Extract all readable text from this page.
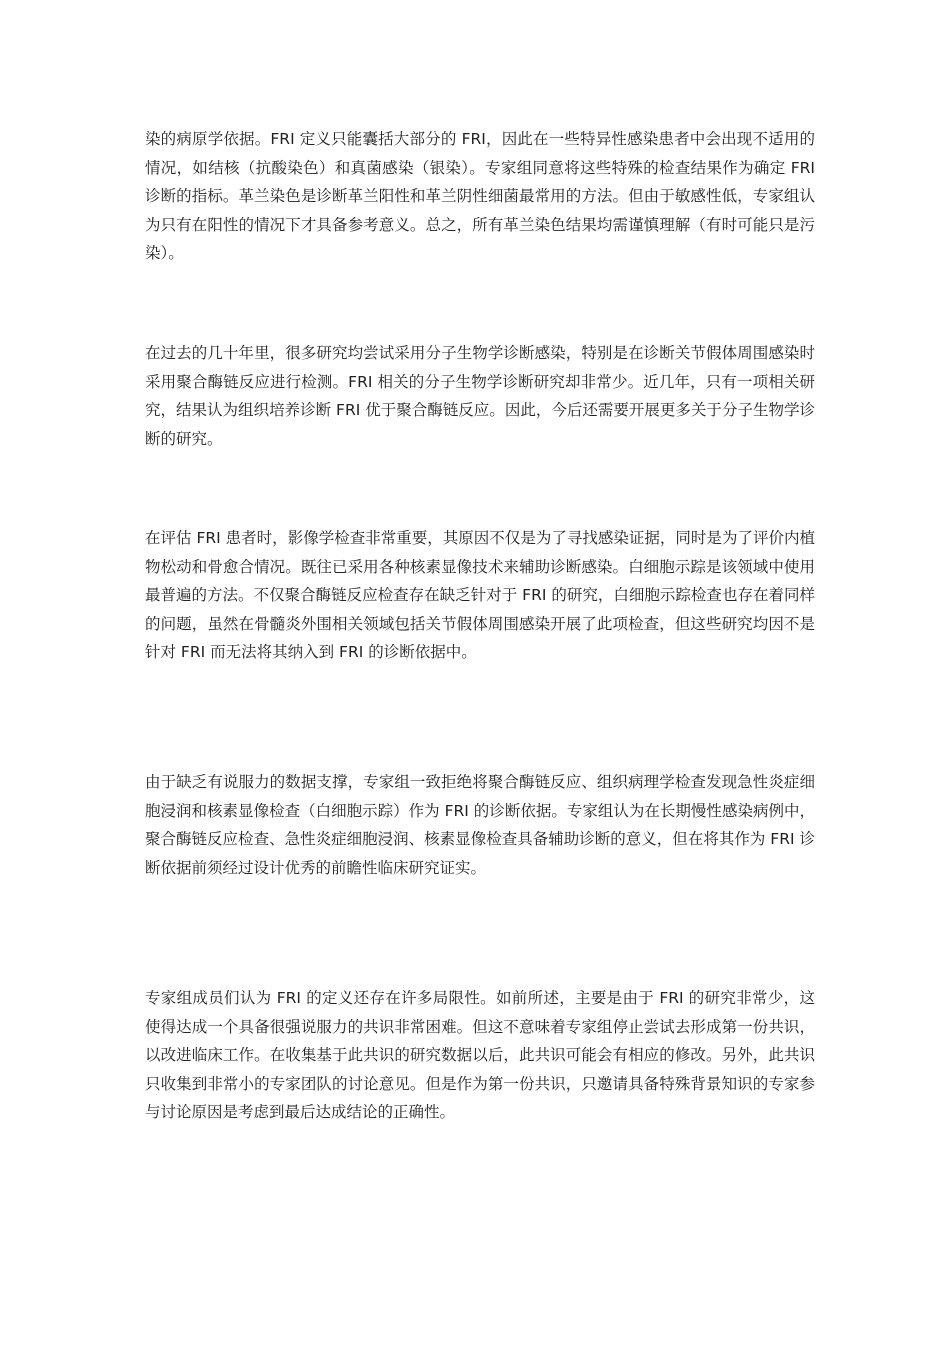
染的病原学依据。FRI 定义只能囊括大部分的 FRI，因此在一些特异性感染患者中会出现不适用的情况，如结核（抗酸染色）和真菌感染（银染）。专家组同意将这些特殊的检查结果作为确定 FRI 诊断的指标。革兰染色是诊断革兰阳性和革兰阴性细菌最常用的方法。但由于敏感性低，专家组认为只有在阳性的情况下才具备参考意义。总之，所有革兰染色结果均需谨慎理解（有时可能只是污染）。

在过去的几十年里，很多研究均尝试采用分子生物学诊断感染，特别是在诊断关节假体周围感染时采用聚合酶链反应进行检测。FRI 相关的分子生物学诊断研究却非常少。近几年，只有一项相关研究，结果认为组织培养诊断 FRI 优于聚合酶链反应。因此，今后还需要开展更多关于分子生物学诊断的研究。

在评估 FRI 患者时，影像学检查非常重要，其原因不仅是为了寻找感染证据，同时是为了评价内植物松动和骨愈合情况。既往已采用各种核素显像技术来辅助诊断感染。白细胞示踪是该领域中使用最普遍的方法。不仅聚合酶链反应检查存在缺乏针对于 FRI 的研究，白细胞示踪检查也存在着同样的问题，虽然在骨髓炎外围相关领域包括关节假体周围感染开展了此项检查，但这些研究均因不是针对 FRI 而无法将其纳入到 FRI 的诊断依据中。

由于缺乏有说服力的数据支撑，专家组一致拒绝将聚合酶链反应、组织病理学检查发现急性炎症细胞浸润和核素显像检查（白细胞示踪）作为 FRI 的诊断依据。专家组认为在长期慢性感染病例中，聚合酶链反应检查、急性炎症细胞浸润、核素显像检查具备辅助诊断的意义，但在将其作为 FRI 诊断依据前须经过设计优秀的前瞻性临床研究证实。

专家组成员们认为 FRI 的定义还存在许多局限性。如前所述，主要是由于 FRI 的研究非常少，这使得达成一个具备很强说服力的共识非常困难。但这不意味着专家组停止尝试去形成第一份共识，以改进临床工作。在收集基于此共识的研究数据以后，此共识可能会有相应的修改。另外，此共识只收集到非常小的专家团队的讨论意见。但是作为第一份共识，只邀请具备特殊背景知识的专家参与讨论原因是考虑到最后达成结论的正确性。
